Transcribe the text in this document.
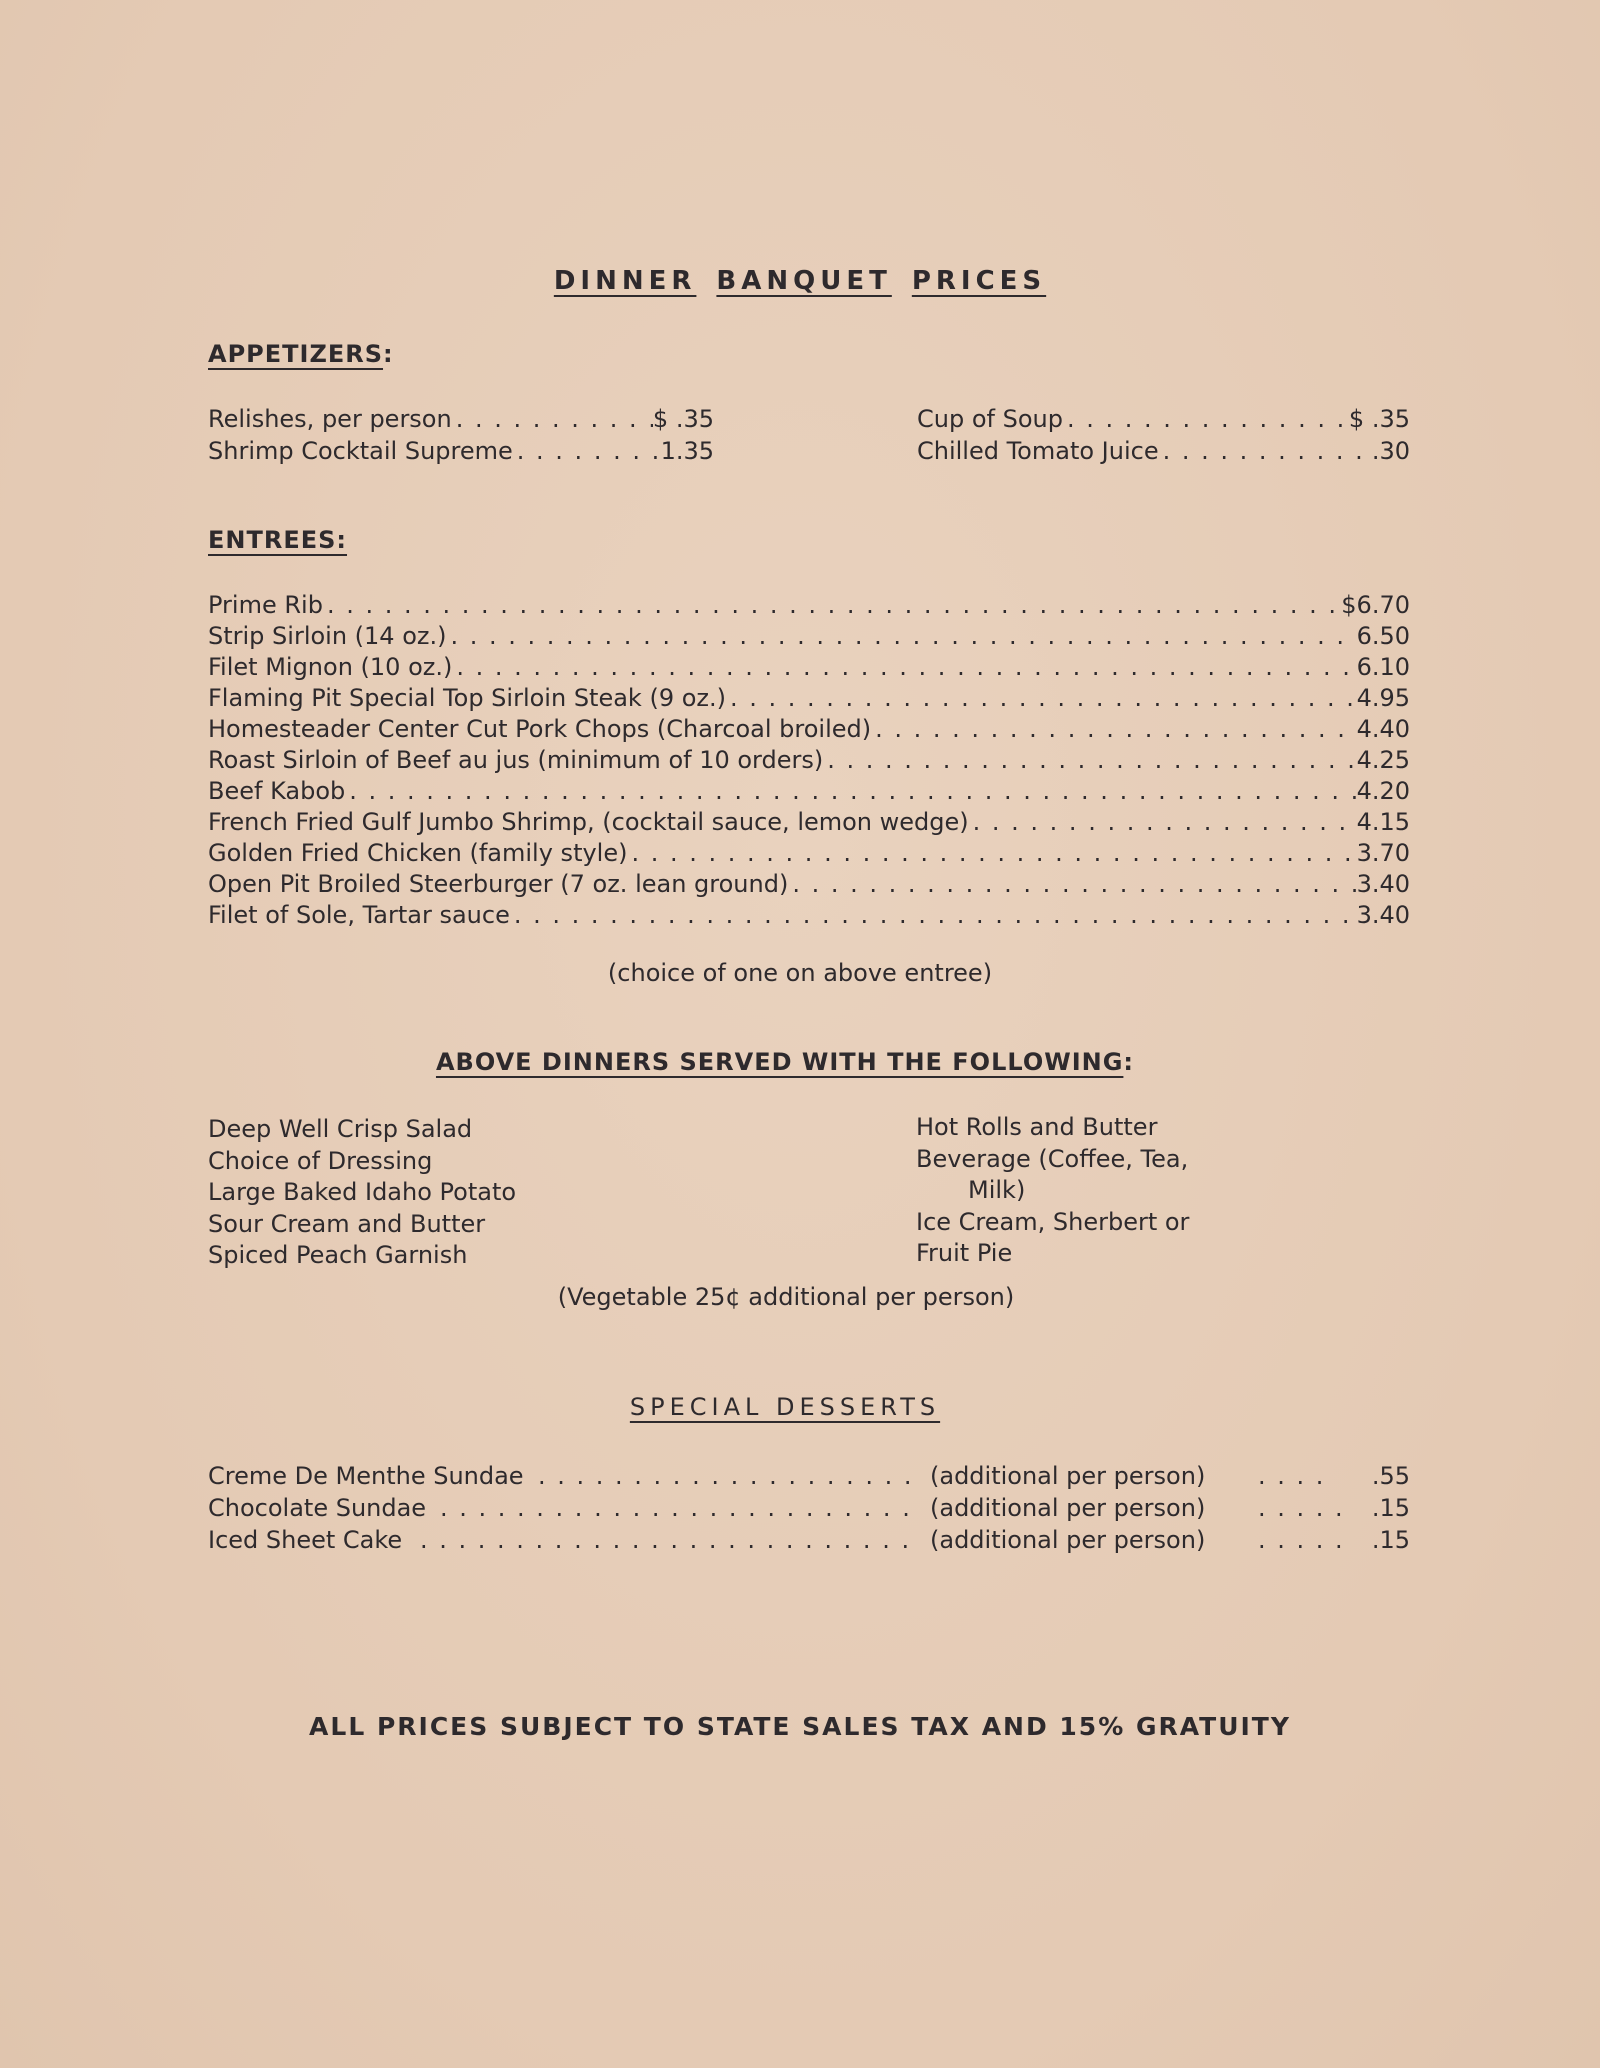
DINNER BANQUET PRICES
APPETIZERS:
Relishes, per person . . .	$ .35
Shrimp Cocktail Supreme . . .	1.35
Cup of Soup . . .	$ .35
Chilled Tomato Juice . . .	.30
ENTREES:
Prime Rib . . .	$6.70
Strip Sirloin (14 oz.) . . .	6.50
Filet Mignon (10 oz.) . . .	6.10
Flaming Pit Special Top Sirloin Steak (9 oz.) . . .	4.95
Homesteader Center Cut Pork Chops (Charcoal broiled) . . .	4.40
Roast Sirloin of Beef au jus (minimum of 10 orders) . . .	4.25
Beef Kabob . . .	4.20
French Fried Gulf Jumbo Shrimp, (cocktail sauce, lemon wedge) . . .	4.15
Golden Fried Chicken (family style) . . .	3.70
Open Pit Broiled Steerburger (7 oz. lean ground) . . .	3.40
Filet of Sole, Tartar sauce . . .	3.40
(choice of one on above entree)
ABOVE DINNERS SERVED WITH THE FOLLOWING:
Deep Well Crisp Salad
Choice of Dressing
Large Baked Idaho Potato
Sour Cream and Butter
Spiced Peach Garnish
Hot Rolls and Butter
Beverage (Coffee, Tea,
Milk)
Ice Cream, Sherbert or
Fruit Pie
(Vegetable 25¢ additional per person)
SPECIAL DESSERTS
Creme De Menthe Sundae . . .	(additional per person) . . . . .55
Chocolate Sundae . . .	(additional per person) . . . . . .15
Iced Sheet Cake . . .	(additional per person) . . . . . .15
ALL PRICES SUBJECT TO STATE SALES TAX AND 15% GRATUITY
